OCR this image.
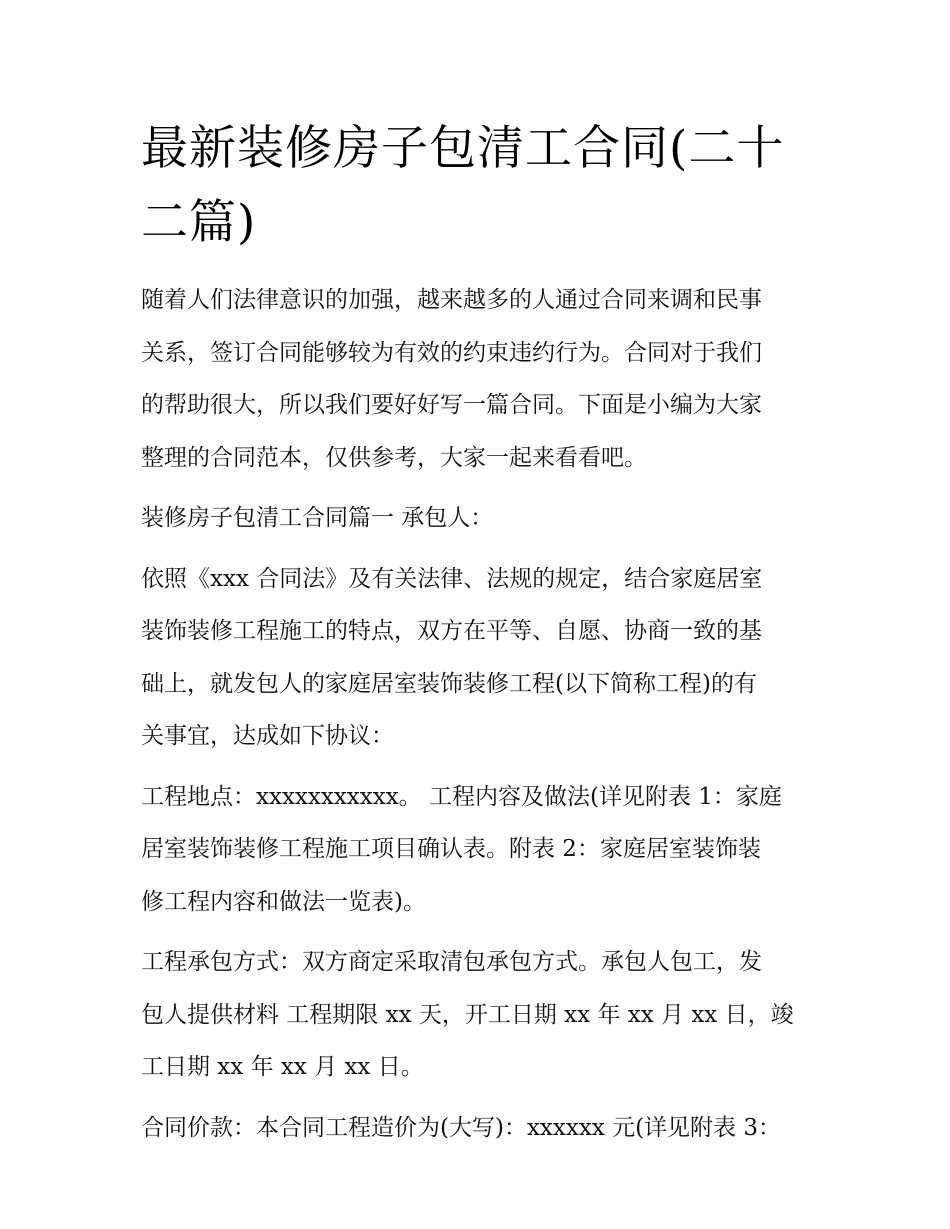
最新装修房子包清工合同(二十
二篇)

随着人们法律意识的加强，越来越多的人通过合同来调和民事
关系，签订合同能够较为有效的约束违约行为。合同对于我们
的帮助很大，所以我们要好好写一篇合同。下面是小编为大家
整理的合同范本，仅供参考，大家一起来看看吧。

装修房子包清工合同篇一 承包人：

依照《xxx 合同法》及有关法律、法规的规定，结合家庭居室
装饰装修工程施工的特点，双方在平等、自愿、协商一致的基
础上，就发包人的家庭居室装饰装修工程(以下简称工程)的有
关事宜，达成如下协议：

工程地点：xxxxxxxxxxx。 工程内容及做法(详见附表 1：家庭
居室装饰装修工程施工项目确认表。附表 2：家庭居室装饰装
修工程内容和做法一览表)。

工程承包方式：双方商定采取清包承包方式。承包人包工，发
包人提供材料 工程期限 xx 天，开工日期 xx 年 xx 月 xx 日，竣
工日期 xx 年 xx 月 xx 日。

合同价款：本合同工程造价为(大写)：xxxxxx 元(详见附表 3：
